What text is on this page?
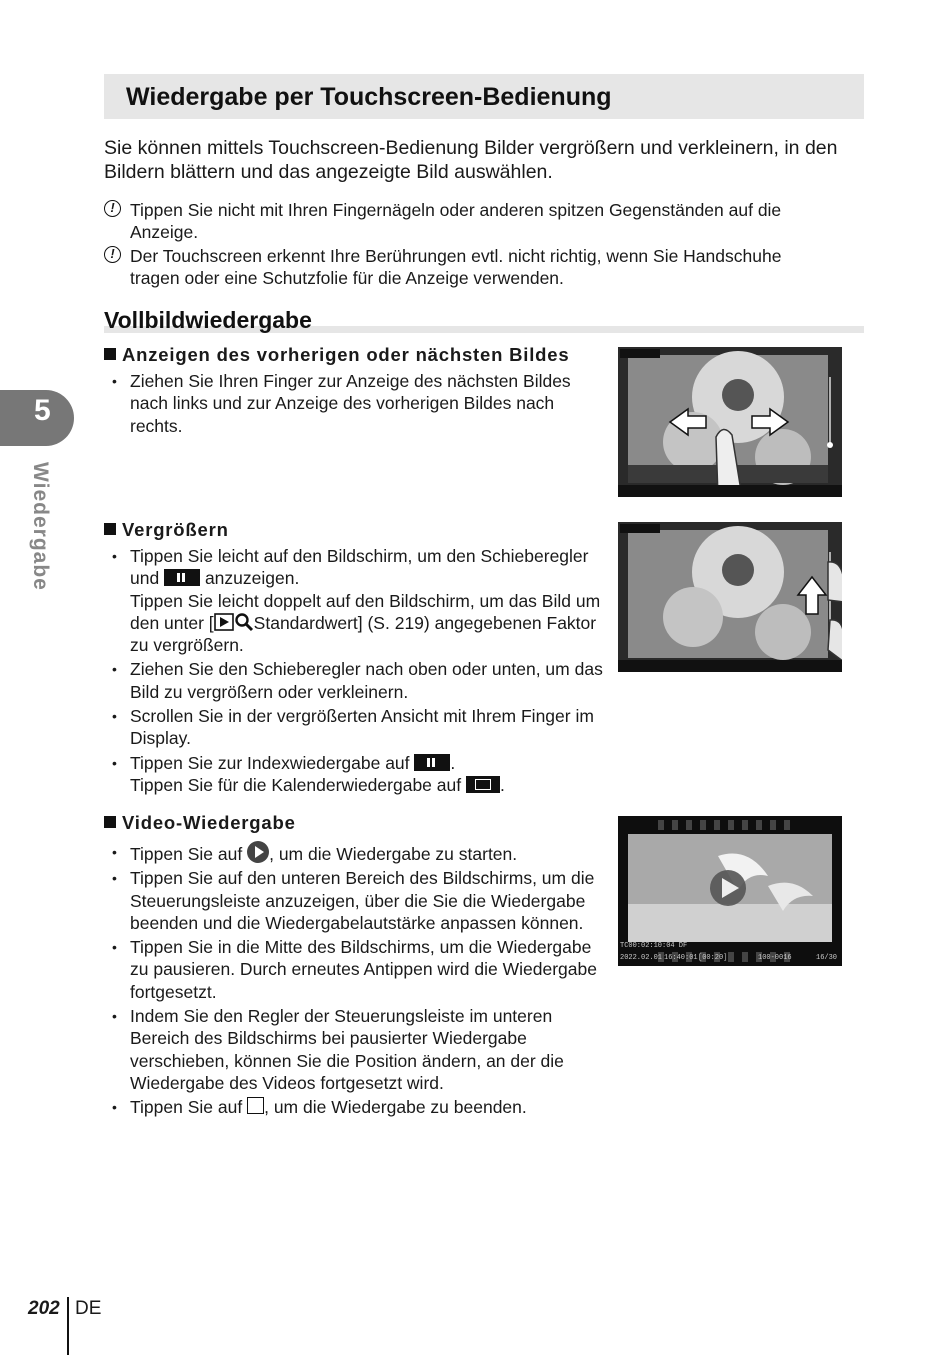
Wiedergabe per Touchscreen-Bedienung
Sie können mittels Touchscreen-Bedienung Bilder vergrößern und verkleinern, in den Bildern blättern und das angezeigte Bild auswählen.
! Tippen Sie nicht mit Ihren Fingernägeln oder anderen spitzen Gegenständen auf die Anzeige.
! Der Touchscreen erkennt Ihre Berührungen evtl. nicht richtig, wenn Sie Handschuhe tragen oder eine Schutzfolie für die Anzeige verwenden.
Vollbildwiedergabe
Anzeigen des vorherigen oder nächsten Bildes
• Ziehen Sie Ihren Finger zur Anzeige des nächsten Bildes nach links und zur Anzeige des vorherigen Bildes nach rechts.
Vergrößern
• Tippen Sie leicht auf den Bildschirm, um den Schieberegler und	anzuzeigen.
Tippen Sie leicht doppelt auf den Bildschirm, um das Bild um den unter [ Standardwert] (S. 219) angegebenen Faktor zu vergrößern.
• Ziehen Sie den Schieberegler nach oben oder unten, um das Bild zu vergrößern oder verkleinern.
• Scrollen Sie in der vergrößerten Ansicht mit Ihrem Finger im Display.
• Tippen Sie zur Indexwiedergabe auf .
Tippen Sie für die Kalenderwiedergabe auf .
Video-Wiedergabe
• Tippen Sie auf , um die Wiedergabe zu starten.
• Tippen Sie auf den unteren Bereich des Bildschirms, um die Steuerungsleiste anzuzeigen, über die Sie die Wiedergabe beenden und die Wiedergabelautstärke anpassen können.
• Tippen Sie in die Mitte des Bildschirms, um die Wiedergabe zu pausieren. Durch erneutes Antippen wird die Wiedergabe fortgesetzt.
• Indem Sie den Regler der Steuerungsleiste im unteren Bereich des Bildschirms bei pausierter Wiedergabe verschieben, können Sie die Position ändern, an der die Wiedergabe des Videos fortgesetzt wird.
• Tippen Sie auf , um die Wiedergabe zu beenden.
TC00:02:10:04 DF
2022.02.01 16:40:01 [00:20]	100-0016	16/30
5
Wiedergabe
202 DE
